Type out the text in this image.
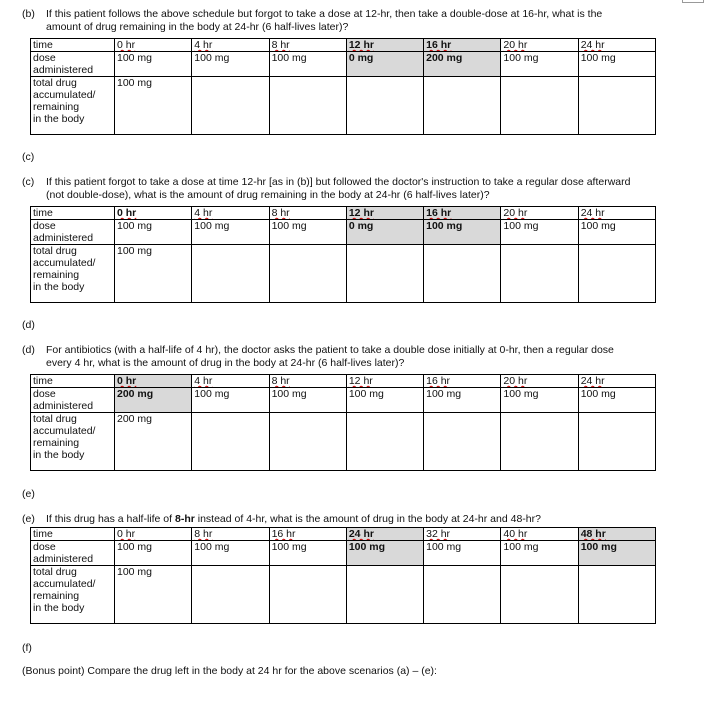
(b) If this patient follows the above schedule but forgot to take a dose at 12-hr, then take a double-dose at 16-hr, what is the
amount of drug remaining in the body at 24-hr (6 half-lives later)?
time	0 hr	4 hr	8 hr	12 hr	16 hr	20 hr	24 hr

dose
administered	100 mg	100 mg	100 mg	0 mg	200 mg	100 mg	100 mg

total drug
accumulated/
remaining
in the body	100 mg						
(c)
(c) If this patient forgot to take a dose at time 12-hr [as in (b)] but followed the doctor's instruction to take a regular dose afterward
(not double-dose), what is the amount of drug remaining in the body at 24-hr (6 half-lives later)?
time	0 hr	4 hr	8 hr	12 hr	16 hr	20 hr	24 hr

dose
administered	100 mg	100 mg	100 mg	0 mg	100 mg	100 mg	100 mg

total drug
accumulated/
remaining
in the body	100 mg						
(d)
(d) For antibiotics (with a half-life of 4 hr), the doctor asks the patient to take a double dose initially at 0-hr, then a regular dose
every 4 hr, what is the amount of drug in the body at 24-hr (6 half-lives later)?
time	0 hr	4 hr	8 hr	12 hr	16 hr	20 hr	24 hr

dose
administered	200 mg	100 mg	100 mg	100 mg	100 mg	100 mg	100 mg

total drug
accumulated/
remaining
in the body	200 mg						
(e)
(e) If this drug has a half-life of 8-hr instead of 4-hr, what is the amount of drug in the body at 24-hr and 48-hr?
time	0 hr	8 hr	16 hr	24 hr	32 hr	40 hr	48 hr

dose
administered	100 mg	100 mg	100 mg	100 mg	100 mg	100 mg	100 mg

total drug
accumulated/
remaining
in the body	100 mg						
(f)
(Bonus point) Compare the drug left in the body at 24 hr for the above scenarios (a) – (e):
